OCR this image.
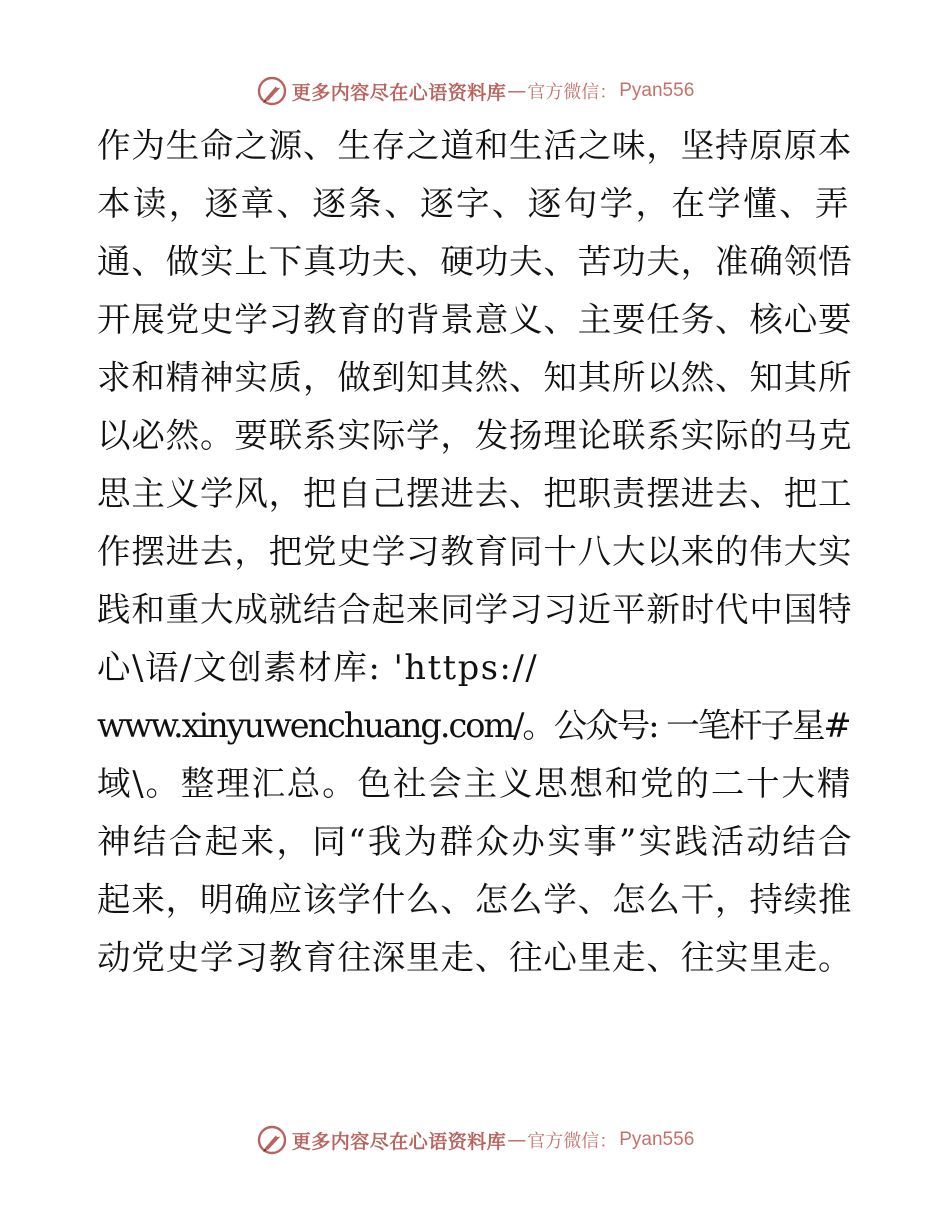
更多内容尽在心语资料库 — 官方微信： Pyan556
作为生命之源、生存之道和生活之味，坚持原原本
本读，逐章、逐条、逐字、逐句学，在学懂、弄
通、做实上下真功夫、硬功夫、苦功夫，准确领悟
开展党史学习教育的背景意义、主要任务、核心要
求和精神实质，做到知其然、知其所以然、知其所
以必然。要联系实际学，发扬理论联系实际的马克
思主义学风，把自己摆进去、把职责摆进去、把工
作摆进去，把党史学习教育同十八大以来的伟大实
践和重大成就结合起来同学习习近平新时代中国特
心\语/文创素材库: 'https://
www.xinyuwenchuang.com/。公众号: 一笔杆子星#
域\。整理汇总。色社会主义思想和党的二十大精
神结合起来，同“我为群众办实事”实践活动结合
起来，明确应该学什么、怎么学、怎么干，持续推
动党史学习教育往深里走、往心里走、往实里走。
更多内容尽在心语资料库 — 官方微信： Pyan556
